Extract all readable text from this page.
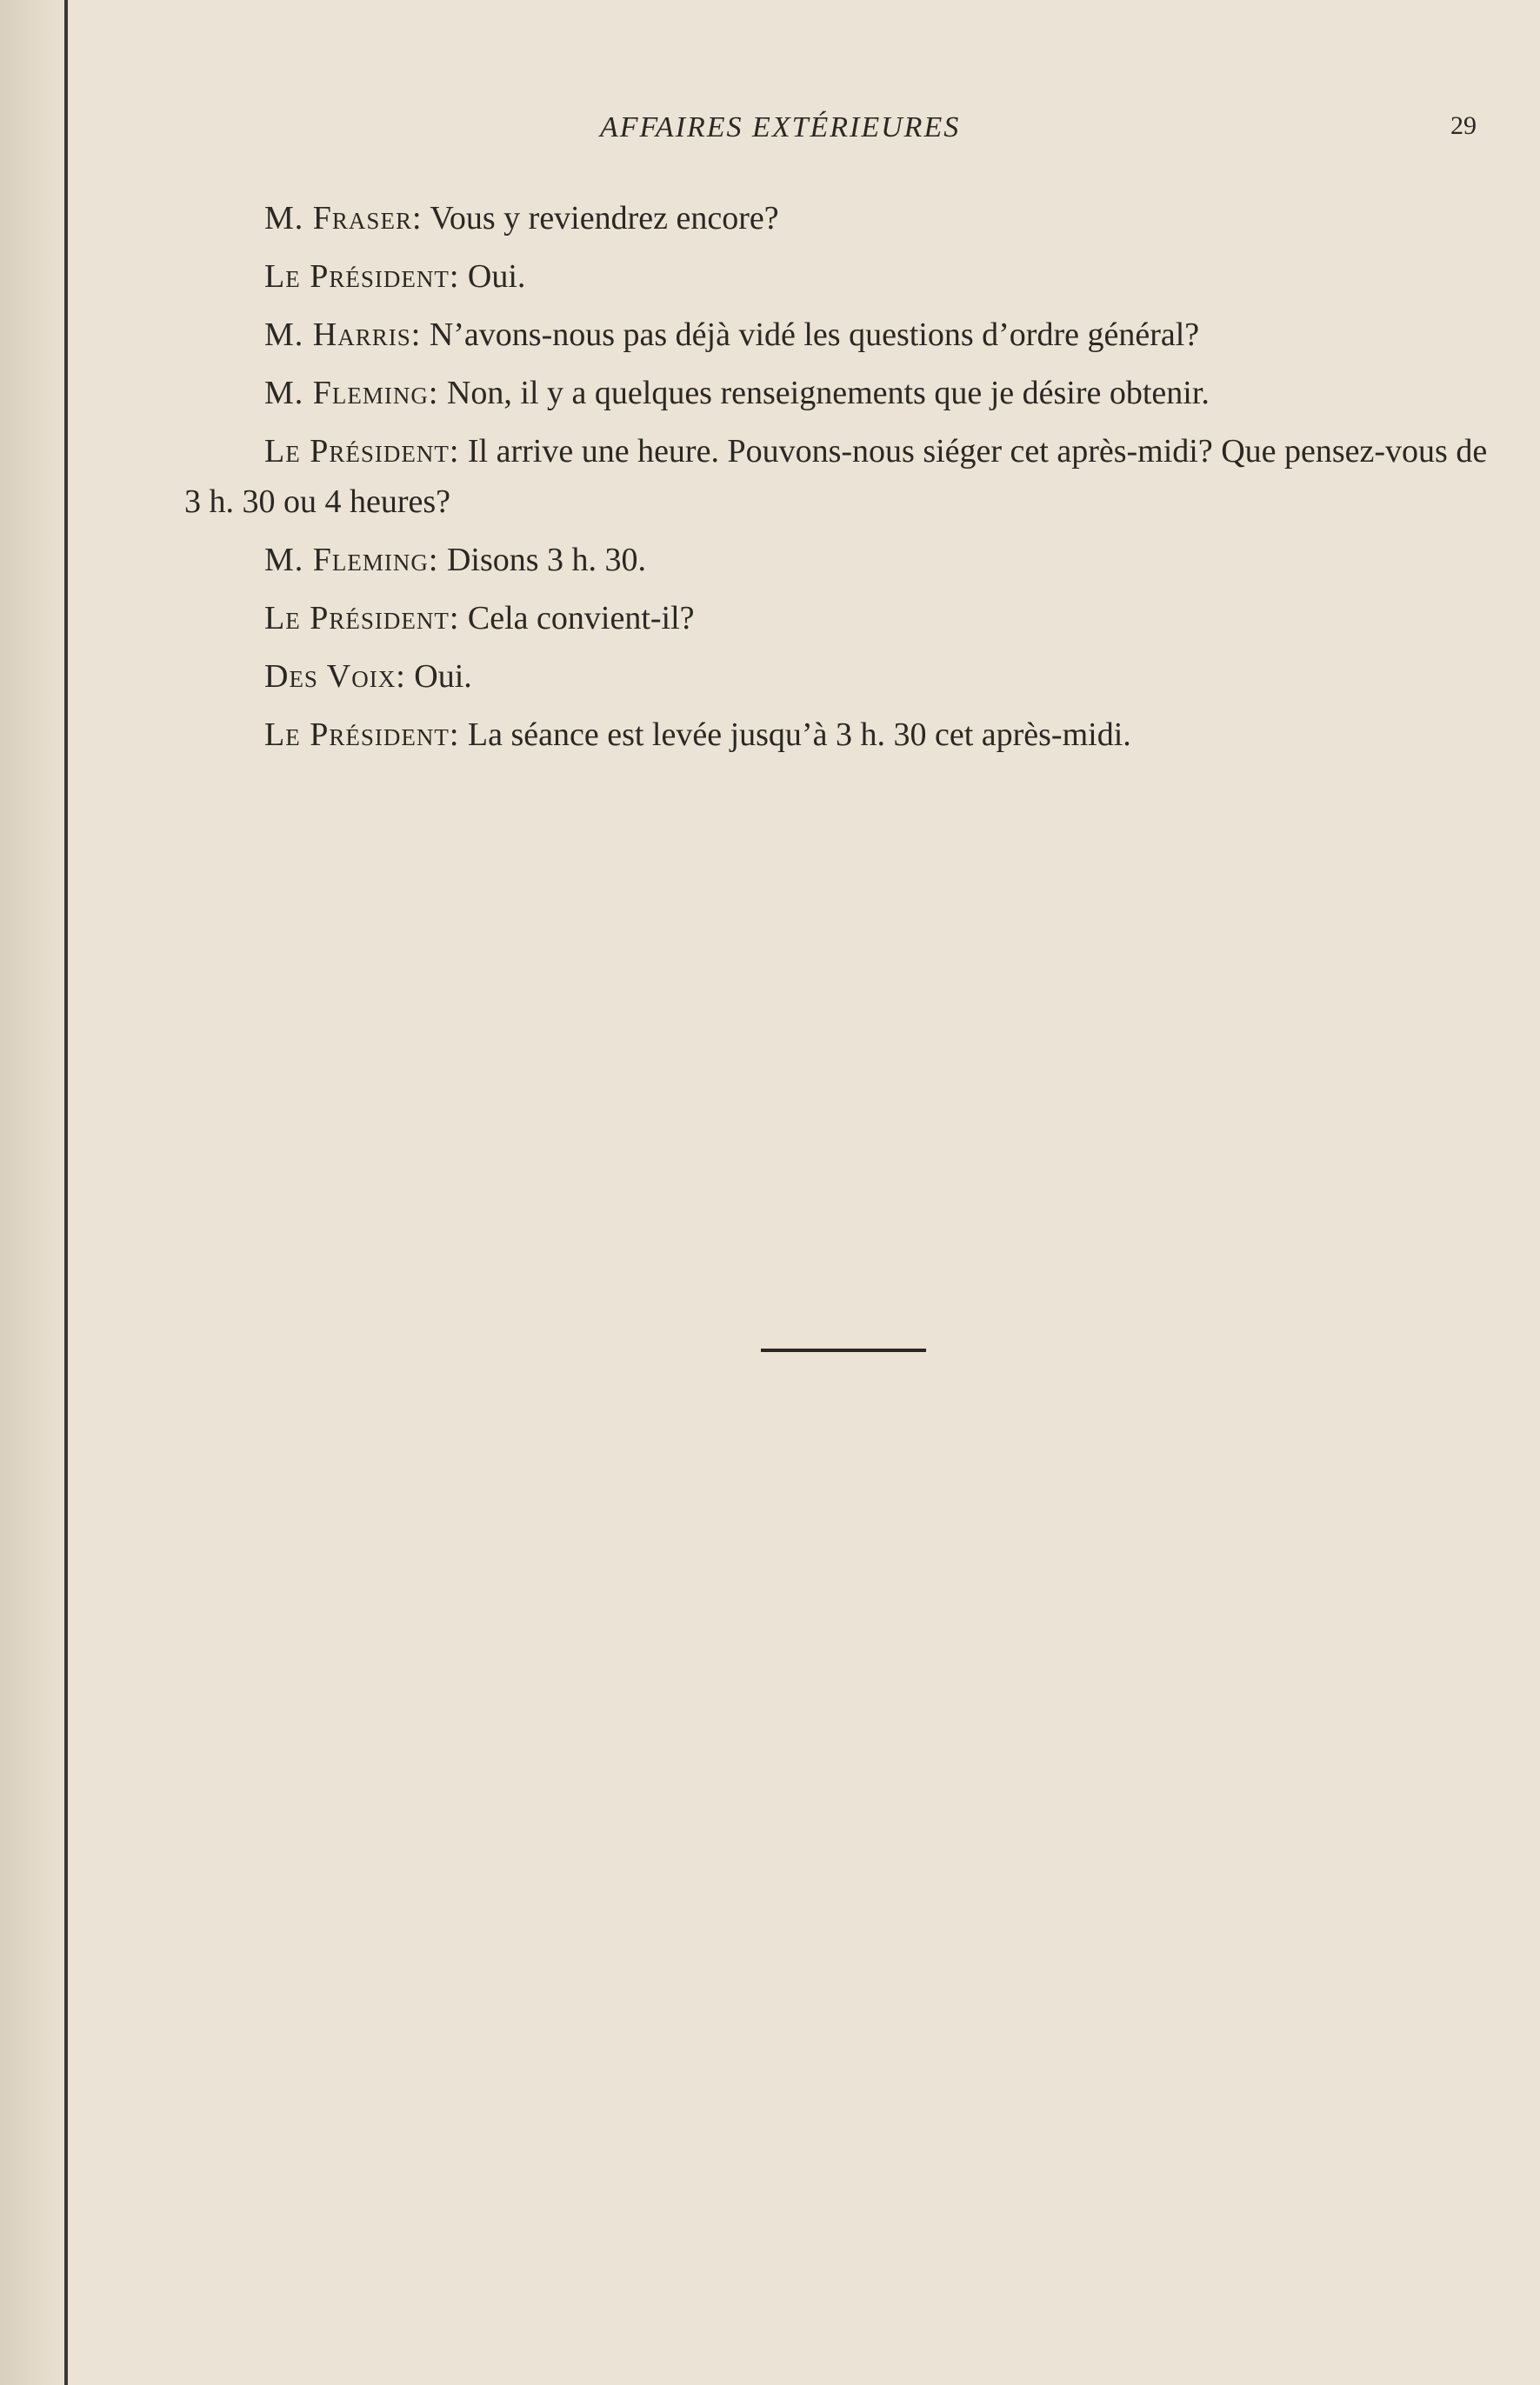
AFFAIRES EXTÉRIEURES	29

M. Fraser: Vous y reviendrez encore?

Le Président: Oui.

M. Harris: N’avons-nous pas déjà vidé les questions d’ordre général?

M. Fleming: Non, il y a quelques renseignements que je désire obtenir.

Le Président: Il arrive une heure. Pouvons-nous siéger cet après-midi? Que pensez-vous de 3 h. 30 ou 4 heures?

M. Fleming: Disons 3 h. 30.

Le Président: Cela convient-il?

Des Voix: Oui.

Le Président: La séance est levée jusqu’à 3 h. 30 cet après-midi.
